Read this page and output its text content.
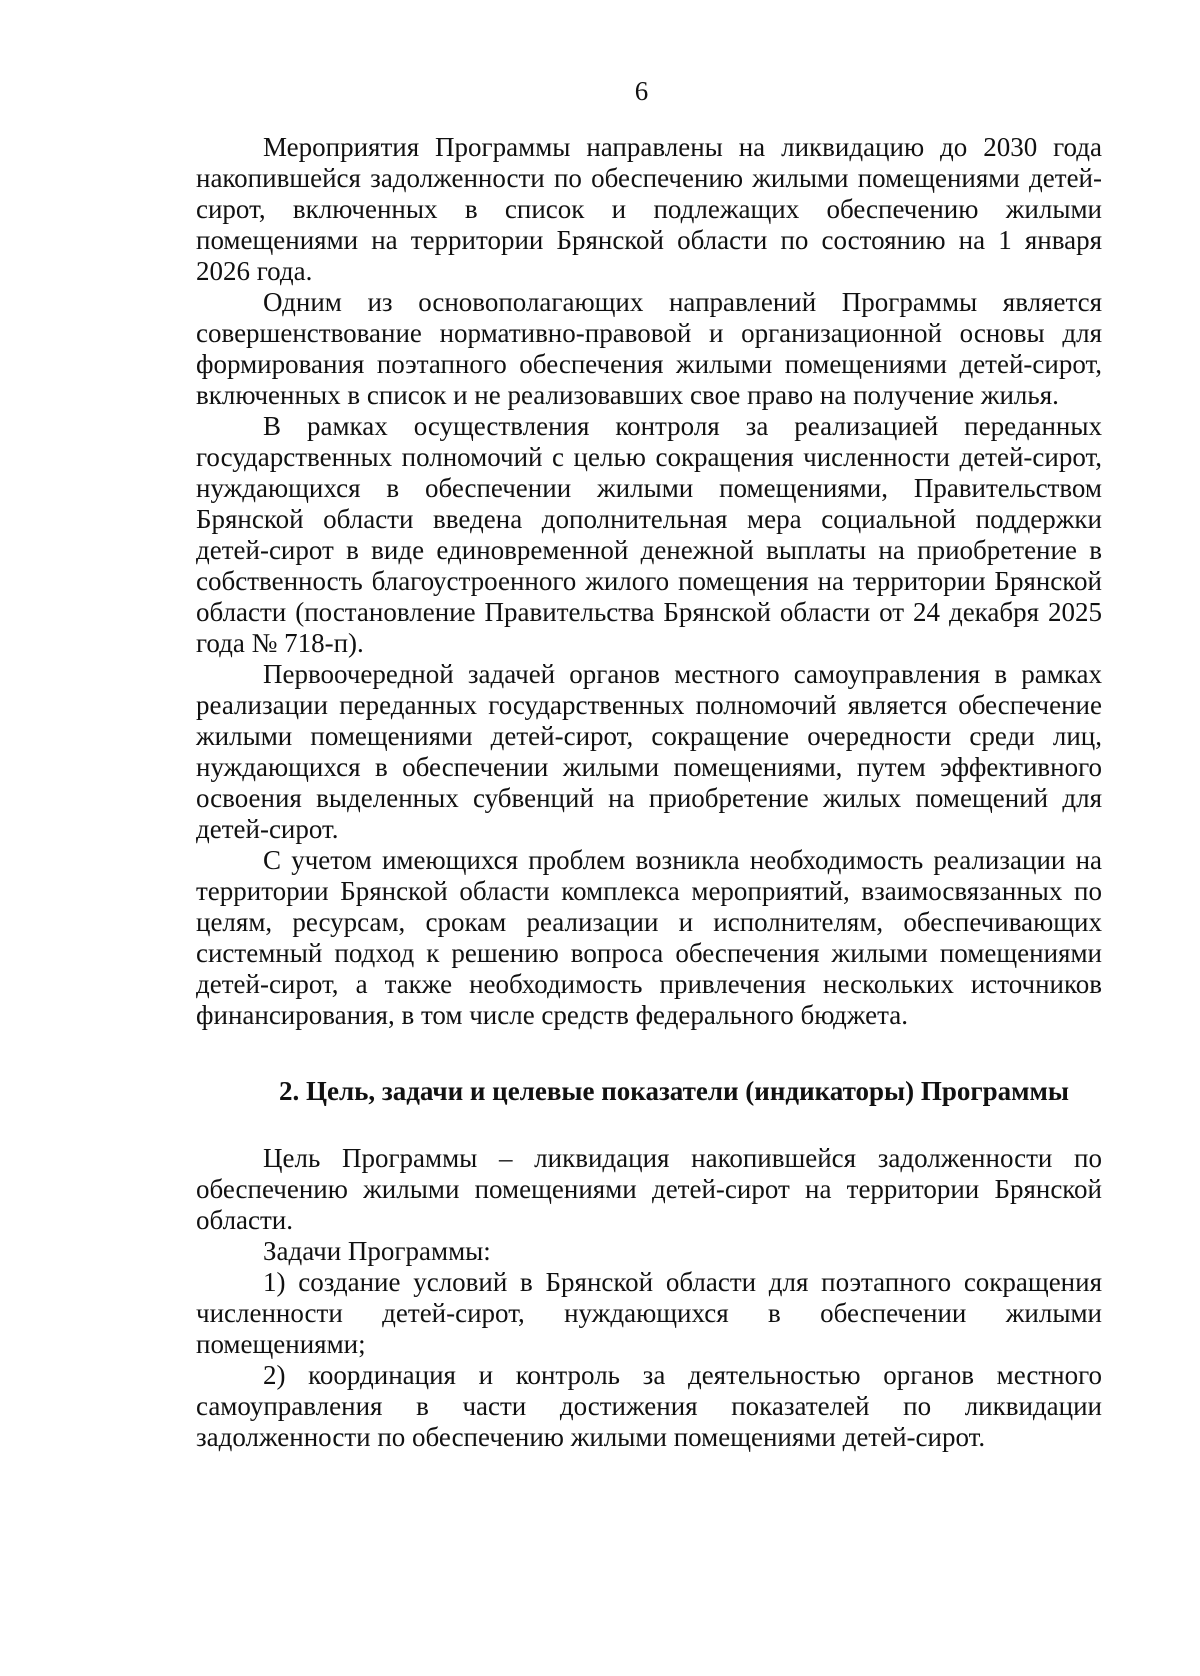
6

Мероприятия Программы направлены на ликвидацию до 2030 года накопившейся задолженности по обеспечению жилыми помещениями детей-сирот, включенных в список и подлежащих обеспечению жилыми помещениями на территории Брянской области по состоянию на 1 января 2026 года.

Одним из основополагающих направлений Программы является совершенствование нормативно-правовой и организационной основы для формирования поэтапного обеспечения жилыми помещениями детей-сирот, включенных в список и не реализовавших свое право на получение жилья.

В рамках осуществления контроля за реализацией переданных государственных полномочий с целью сокращения численности детей-сирот, нуждающихся в обеспечении жилыми помещениями, Правительством Брянской области введена дополнительная мера социальной поддержки детей-сирот в виде единовременной денежной выплаты на приобретение в собственность благоустроенного жилого помещения на территории Брянской области (постановление Правительства Брянской области от 24 декабря 2025 года № 718-п).

Первоочередной задачей органов местного самоуправления в рамках реализации переданных государственных полномочий является обеспечение жилыми помещениями детей-сирот, сокращение очередности среди лиц, нуждающихся в обеспечении жилыми помещениями, путем эффективного освоения выделенных субвенций на приобретение жилых помещений для детей-сирот.

С учетом имеющихся проблем возникла необходимость реализации на территории Брянской области комплекса мероприятий, взаимосвязанных по целям, ресурсам, срокам реализации и исполнителям, обеспечивающих системный подход к решению вопроса обеспечения жилыми помещениями детей-сирот, а также необходимость привлечения нескольких источников финансирования, в том числе средств федерального бюджета.

2. Цель, задачи и целевые показатели (индикаторы) Программы

Цель Программы – ликвидация накопившейся задолженности по обеспечению жилыми помещениями детей-сирот на территории Брянской области.

Задачи Программы:

1) создание условий в Брянской области для поэтапного сокращения численности детей-сирот, нуждающихся в обеспечении жилыми помещениями;

2) координация и контроль за деятельностью органов местного самоуправления в части достижения показателей по ликвидации задолженности по обеспечению жилыми помещениями детей-сирот.
